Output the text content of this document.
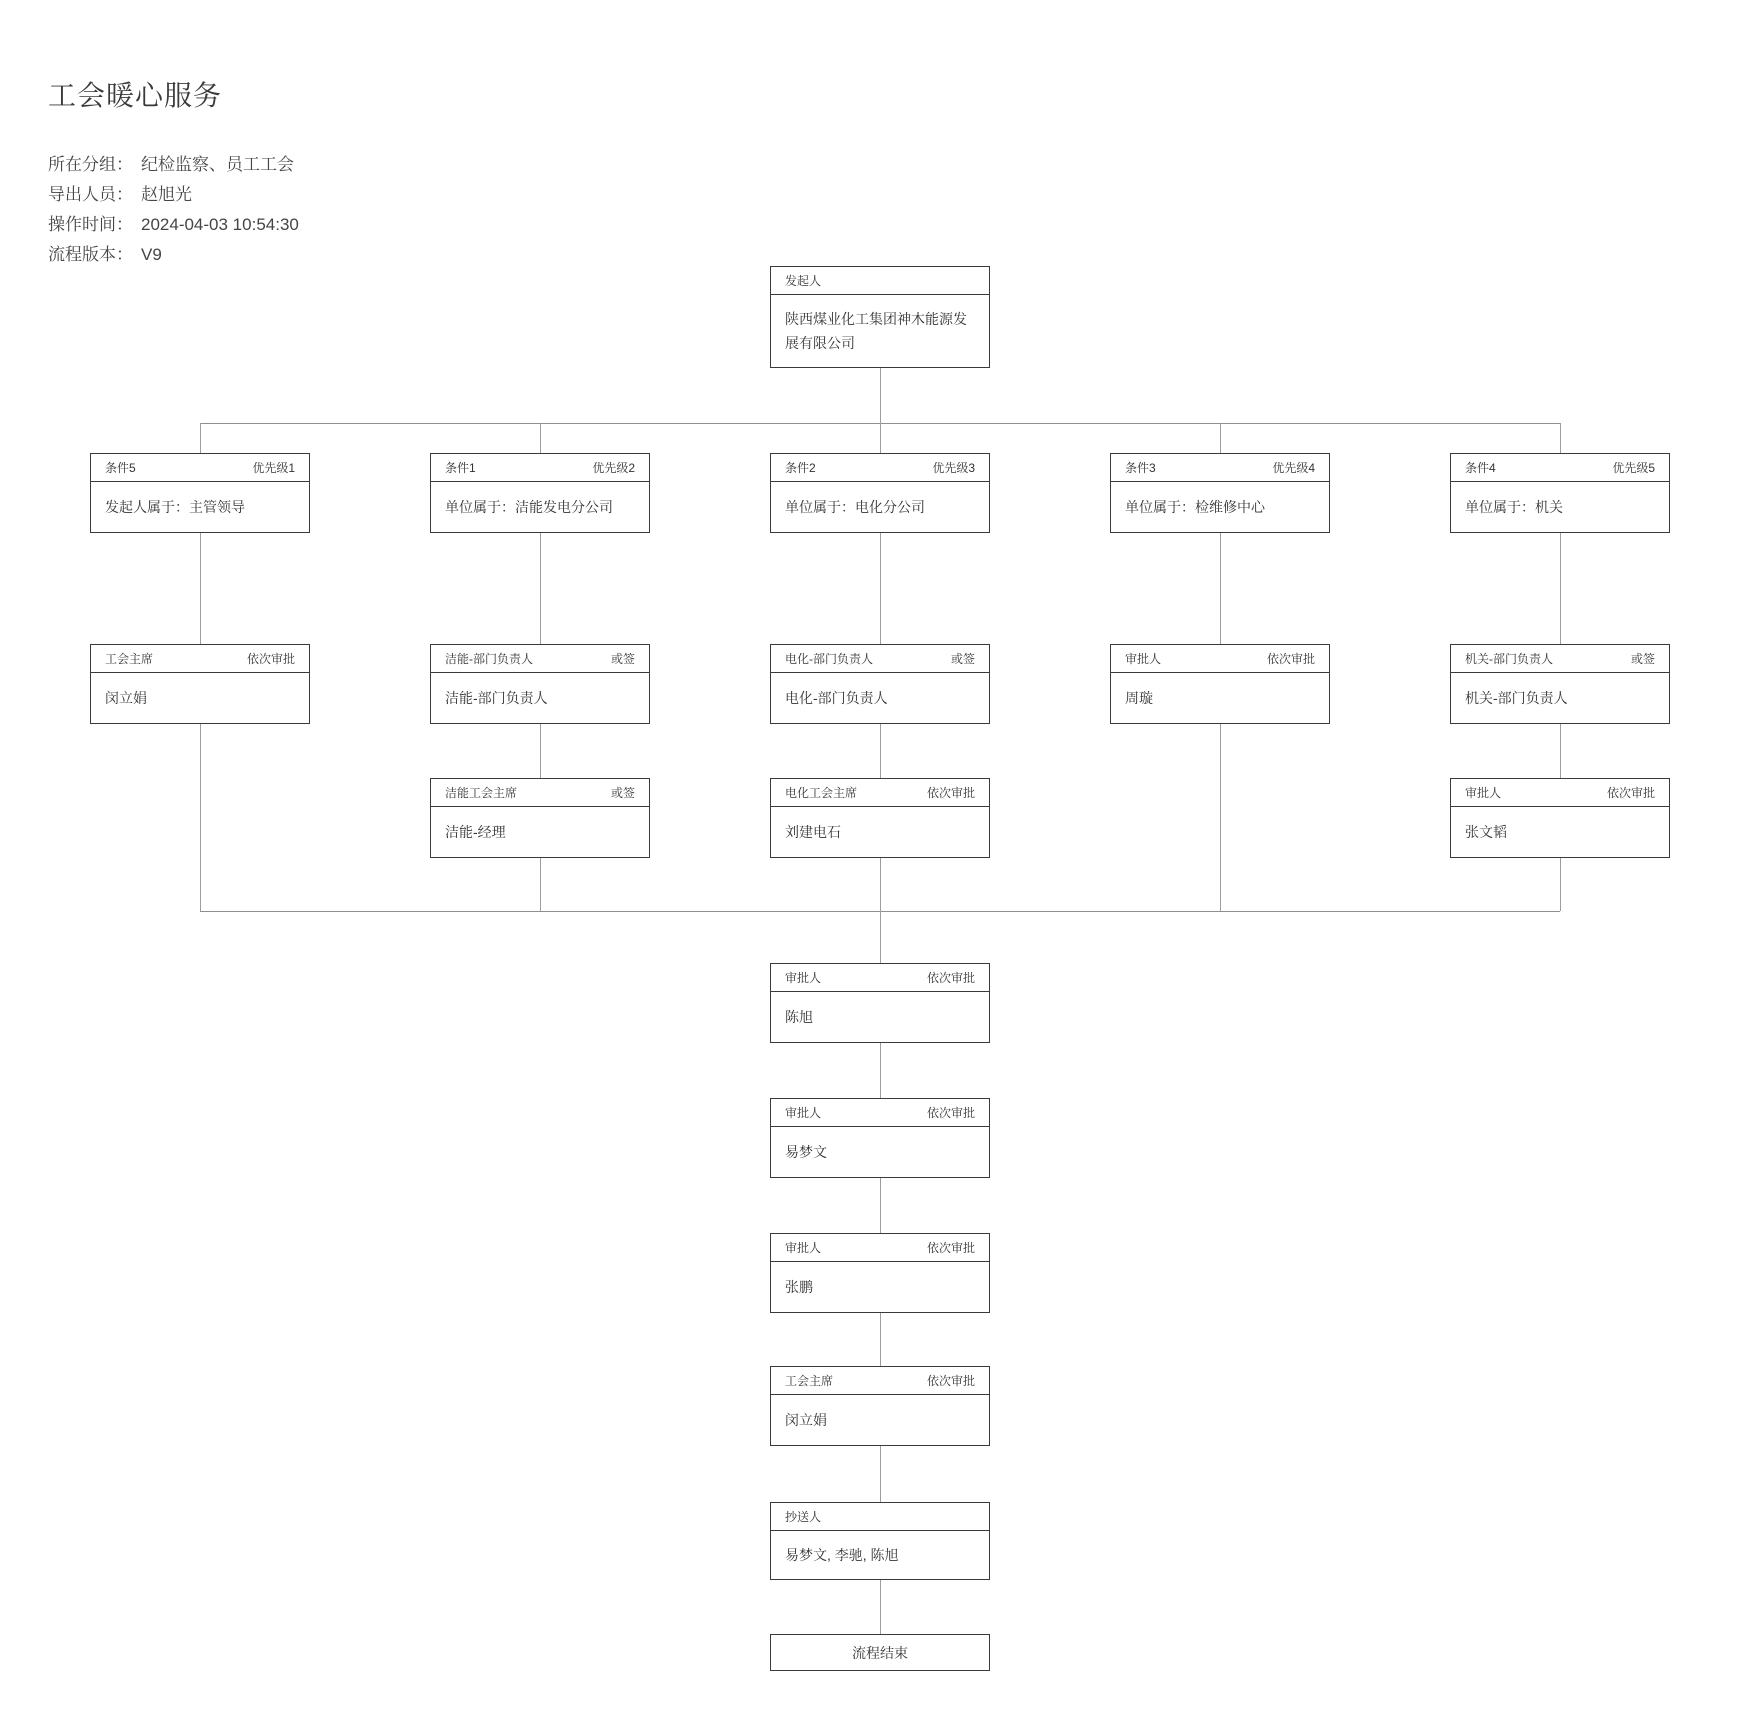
工会暖心服务
所在分组： 纪检监察、员工工会
导出人员： 赵旭光
操作时间： 2024-04-03 10:54:30
流程版本： V9
发起人
陕西煤业化工集团神木能源发展有限公司
条件5	优先级1
发起人属于：主管领导
条件1	优先级2
单位属于：洁能发电分公司
条件2	优先级3
单位属于：电化分公司
条件3	优先级4
单位属于：检维修中心
条件4	优先级5
单位属于：机关
工会主席	依次审批
闵立娟
洁能-部门负责人	或签
洁能-部门负责人
电化-部门负责人	或签
电化-部门负责人
审批人	依次审批
周璇
机关-部门负责人	或签
机关-部门负责人
洁能工会主席	或签
洁能-经理
电化工会主席	依次审批
刘建电石
审批人	依次审批
张文韬
审批人	依次审批
陈旭
审批人	依次审批
易梦文
审批人	依次审批
张鹏
工会主席	依次审批
闵立娟
抄送人
易梦文, 李驰, 陈旭
流程结束
